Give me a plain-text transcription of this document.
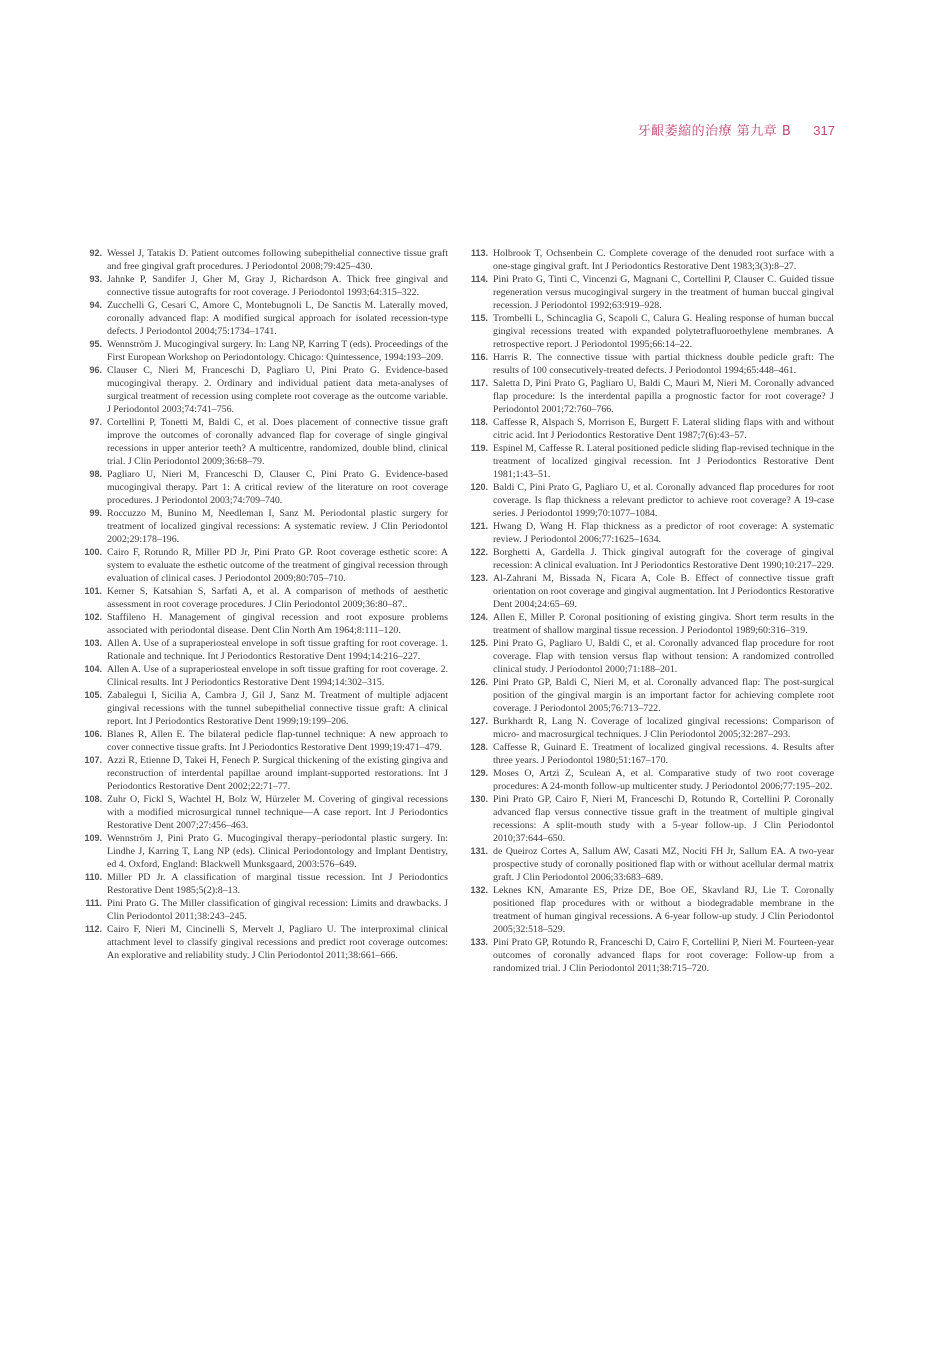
牙齦萎縮的治療 第九章 B 317
92. Wessel J, Tatakis D. Patient outcomes following subepithelial connective tissue graft and free gingival graft procedures. J Periodontol 2008;79:425–430.
93. Jahnke P, Sandifer J, Gher M, Gray J, Richardson A. Thick free gingival and connective tissue autografts for root coverage. J Periodontol 1993;64:315–322.
94. Zucchelli G, Cesari C, Amore C, Montebugnoli L, De Sanctis M. Laterally moved, coronally advanced flap: A modified surgical approach for isolated recession-type defects. J Periodontol 2004;75:1734–1741.
95. Wennström J. Mucogingival surgery. In: Lang NP, Karring T (eds). Proceedings of the First European Workshop on Periodontology. Chicago: Quintessence, 1994:193–209.
96. Clauser C, Nieri M, Franceschi D, Pagliaro U, Pini Prato G. Evidence-based mucogingival therapy. 2. Ordinary and individual patient data meta-analyses of surgical treatment of recession using complete root coverage as the outcome variable. J Periodontol 2003;74:741–756.
97. Cortellini P, Tonetti M, Baldi C, et al. Does placement of connective tissue graft improve the outcomes of coronally advanced flap for coverage of single gingival recessions in upper anterior teeth? A multicentre, randomized, double blind, clinical trial. J Clin Periodontol 2009;36:68–79.
98. Pagliaro U, Nieri M, Franceschi D, Clauser C, Pini Prato G. Evidence-based mucogingival therapy. Part 1: A critical review of the literature on root coverage procedures. J Periodontol 2003;74:709–740.
99. Roccuzzo M, Bunino M, Needleman I, Sanz M. Periodontal plastic surgery for treatment of localized gingival recessions: A systematic review. J Clin Periodontol 2002;29:178–196.
100. Cairo F, Rotundo R, Miller PD Jr, Pini Prato GP. Root coverage esthetic score: A system to evaluate the esthetic outcome of the treatment of gingival recession through evaluation of clinical cases. J Periodontol 2009;80:705–710.
101. Kerner S, Katsahian S, Sarfati A, et al. A comparison of methods of aesthetic assessment in root coverage procedures. J Clin Periodontol 2009;36:80–87..
102. Staffileno H. Management of gingival recession and root exposure problems associated with periodontal disease. Dent Clin North Am 1964;8:111–120.
103. Allen A. Use of a supraperiosteal envelope in soft tissue grafting for root coverage. 1. Rationale and technique. Int J Periodontics Restorative Dent 1994;14:216–227.
104. Allen A. Use of a supraperiosteal envelope in soft tissue grafting for root coverage. 2. Clinical results. Int J Periodontics Restorative Dent 1994;14:302–315.
105. Zabalegui I, Sicilia A, Cambra J, Gil J, Sanz M. Treatment of multiple adjacent gingival recessions with the tunnel subepithelial connective tissue graft: A clinical report. Int J Periodontics Restorative Dent 1999;19:199–206.
106. Blanes R, Allen E. The bilateral pedicle flap-tunnel technique: A new approach to cover connective tissue grafts. Int J Periodontics Restorative Dent 1999;19:471–479.
107. Azzi R, Etienne D, Takei H, Fenech P. Surgical thickening of the existing gingiva and reconstruction of interdental papillae around implant-supported restorations. Int J Periodontics Restorative Dent 2002;22:71–77.
108. Zuhr O, Fickl S, Wachtel H, Bolz W, Hürzeler M. Covering of gingival recessions with a modified microsurgical tunnel technique—A case report. Int J Periodontics Restorative Dent 2007;27:456–463.
109. Wennström J, Pini Prato G. Mucogingival therapy–periodontal plastic surgery. In: Lindhe J, Karring T, Lang NP (eds). Clinical Periodontology and Implant Dentistry, ed 4. Oxford, England: Blackwell Munksgaard, 2003:576–649.
110. Miller PD Jr. A classification of marginal tissue recession. Int J Periodontics Restorative Dent 1985;5(2):8–13.
111. Pini Prato G. The Miller classification of gingival recession: Limits and drawbacks. J Clin Periodontol 2011;38:243–245.
112. Cairo F, Nieri M, Cincinelli S, Mervelt J, Pagliaro U. The interproximal clinical attachment level to classify gingival recessions and predict root coverage outcomes: An explorative and reliability study. J Clin Periodontol 2011;38:661–666.
113. Holbrook T, Ochsenbein C. Complete coverage of the denuded root surface with a one-stage gingival graft. Int J Periodontics Restorative Dent 1983;3(3):8–27.
114. Pini Prato G, Tinti C, Vincenzi G, Magnani C, Cortellini P, Clauser C. Guided tissue regeneration versus mucogingival surgery in the treatment of human buccal gingival recession. J Periodontol 1992;63:919–928.
115. Trombelli L, Schincaglia G, Scapoli C, Calura G. Healing response of human buccal gingival recessions treated with expanded polytetrafluoroethylene membranes. A retrospective report. J Periodontol 1995;66:14–22.
116. Harris R. The connective tissue with partial thickness double pedicle graft: The results of 100 consecutively-treated defects. J Periodontol 1994;65:448–461.
117. Saletta D, Pini Prato G, Pagliaro U, Baldi C, Mauri M, Nieri M. Coronally advanced flap procedure: Is the interdental papilla a prognostic factor for root coverage? J Periodontol 2001;72:760–766.
118. Caffesse R, Alspach S, Morrison E, Burgett F. Lateral sliding flaps with and without citric acid. Int J Periodontics Restorative Dent 1987;7(6):43–57.
119. Espinel M, Caffesse R. Lateral positioned pedicle sliding flap-revised technique in the treatment of localized gingival recession. Int J Periodontics Restorative Dent 1981;1:43–51.
120. Baldi C, Pini Prato G, Pagliaro U, et al. Coronally advanced flap procedures for root coverage. Is flap thickness a relevant predictor to achieve root coverage? A 19-case series. J Periodontol 1999;70:1077–1084.
121. Hwang D, Wang H. Flap thickness as a predictor of root coverage: A systematic review. J Periodontol 2006;77:1625–1634.
122. Borghetti A, Gardella J. Thick gingival autograft for the coverage of gingival recession: A clinical evaluation. Int J Periodontics Restorative Dent 1990;10:217–229.
123. Al-Zahrani M, Bissada N, Ficara A, Cole B. Effect of connective tissue graft orientation on root coverage and gingival augmentation. Int J Periodontics Restorative Dent 2004;24:65–69.
124. Allen E, Miller P. Coronal positioning of existing gingiva. Short term results in the treatment of shallow marginal tissue recession. J Periodontol 1989;60:316–319.
125. Pini Prato G, Pagliaro U, Baldi C, et al. Coronally advanced flap procedure for root coverage. Flap with tension versus flap without tension: A randomized controlled clinical study. J Periodontol 2000;71:188–201.
126. Pini Prato GP, Baldi C, Nieri M, et al. Coronally advanced flap: The post-surgical position of the gingival margin is an important factor for achieving complete root coverage. J Periodontol 2005;76:713–722.
127. Burkhardt R, Lang N. Coverage of localized gingival recessions: Comparison of micro- and macrosurgical techniques. J Clin Periodontol 2005;32:287–293.
128. Caffesse R, Guinard E. Treatment of localized gingival recessions. 4. Results after three years. J Periodontol 1980;51:167–170.
129. Moses O, Artzi Z, Sculean A, et al. Comparative study of two root coverage procedures: A 24-month follow-up multicenter study. J Periodontol 2006;77:195–202.
130. Pini Prato GP, Cairo F, Nieri M, Franceschi D, Rotundo R, Cortellini P. Coronally advanced flap versus connective tissue graft in the treatment of multiple gingival recessions: A split-mouth study with a 5-year follow-up. J Clin Periodontol 2010;37:644–650.
131. de Queiroz Cortes A, Sallum AW, Casati MZ, Nociti FH Jr, Sallum EA. A two-year prospective study of coronally positioned flap with or without acellular dermal matrix graft. J Clin Periodontol 2006;33:683–689.
132. Leknes KN, Amarante ES, Prize DE, Boe OE, Skavland RJ, Lie T. Coronally positioned flap procedures with or without a biodegradable membrane in the treatment of human gingival recessions. A 6-year follow-up study. J Clin Periodontol 2005;32:518–529.
133. Pini Prato GP, Rotundo R, Franceschi D, Cairo F, Cortellini P, Nieri M. Fourteen-year outcomes of coronally advanced flaps for root coverage: Follow-up from a randomized trial. J Clin Periodontol 2011;38:715–720.
